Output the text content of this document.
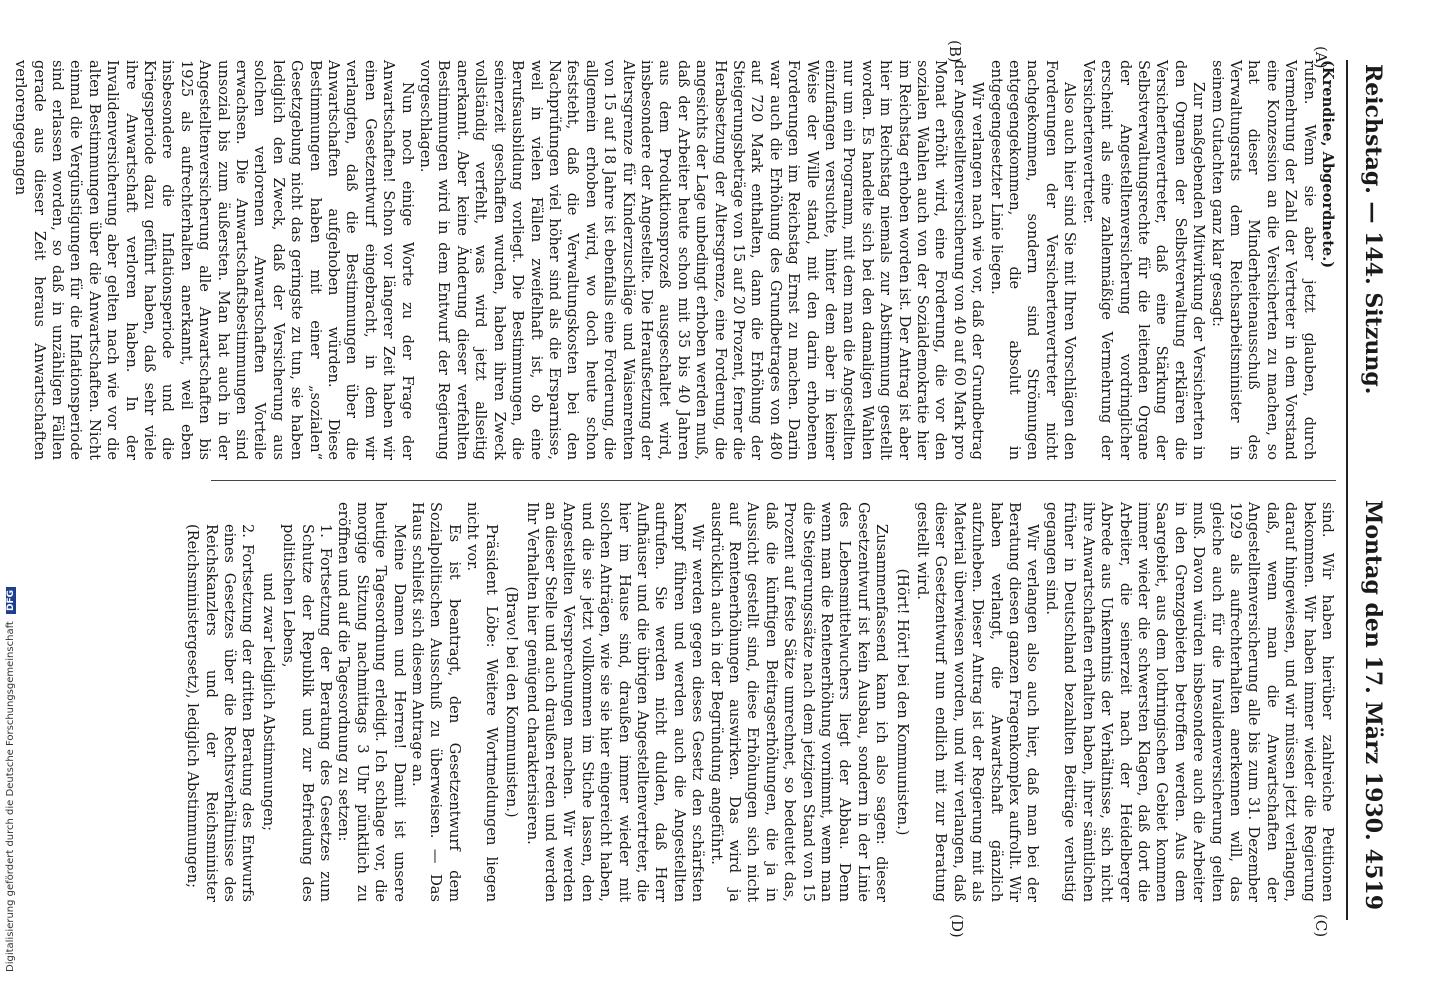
Reichstag. — 144. Sitzung.
Montag den 17. März 1930.
4519
(A)
(B)
(C)
(D)

(Krendiee, Abgeordnete.)

rufen. Wenn sie aber jetzt glauben, durch Vermehrung der Zahl der Vertreter in dem Vorstand eine Konzession an die Versicherten zu machen, so hat dieser Minderheitenausschuß des Verwaltungsrats dem Reichsarbeitsminister in seinem Gutachten ganz klar gesagt:

Zur maßgebenden Mitwirkung der Versicherten in den Organen der Selbstverwaltung erklären die Versichertenvertreter, daß eine Stärkung der Selbstverwaltungsrechte für die leitenden Organe der Angestelltenversicherung vordringlicher erscheint als eine zahlenmäßige Vermehrung der Versichertenvertreter.

Also auch hier sind Sie mit Ihren Vorschlägen den Forderungen der Versichertenvertreter nicht nachgekommen, sondern sind Strömungen entgegengekommen, die absolut in entgegengesetzter Linie liegen.

Wir verlangen nach wie vor, daß der Grundbetrag der Angestelltenversicherung von 40 auf 60 Mark pro Monat erhöht wird, eine Forderung, die vor den sozialen Wahlen auch von der Sozialdemokratie hier im Reichstag erhoben worden ist. Der Antrag ist aber hier im Reichstag niemals zur Abstimmung gestellt worden. Es handelte sich bei den damaligen Wahlen nur um ein Programm, mit dem man die Angestellten einzufangen versuchte, hinter dem aber in keiner Weise der Wille stand, mit den darin erhobenen Forderungen im Reichstag Ernst zu machen. Darin war auch die Erhöhung des Grundbetrages von 480 auf 720 Mark enthalten, dann die Erhöhung der Steigerungsbeträge von 15 auf 20 Prozent, ferner die Herabsetzung der Altersgrenze, eine Forderung, die angesichts der Lage unbedingt erhoben werden muß, daß der Arbeiter heute schon mit 35 bis 40 Jahren aus dem Produktionsprozeß ausgeschaltet wird, insbesondere der Angestellte. Die Heraufsetzung der Altersgrenze für Kinderzuschläge und Waisenrenten von 15 auf 18 Jahre ist ebenfalls eine Forderung, die allgemein erhoben wird, wo doch heute schon feststeht, daß die Verwaltungskosten bei den Nachprüfungen viel höher sind als die Ersparnisse, weil in vielen Fällen zweifelhaft ist, ob eine Berufsausbildung vorliegt. Die Bestimmungen, die seinerzeit geschaffen wurden, haben ihren Zweck vollständig verfehlt, was wird jetzt allseitig anerkannt. Aber keine Änderung dieser verfehlten Bestimmungen wird in dem Entwurf der Regierung vorgeschlagen.

Nun noch einige Worte zu der Frage der Anwartschaften! Schon vor längerer Zeit haben wir einen Gesetzentwurf eingebracht, in dem wir verlangten, daß die Bestimmungen über die Anwartschaften aufgehoben würden. Diese Bestimmungen haben mit einer „sozialen“ Gesetzgebung nicht das geringste zu tun, sie haben lediglich den Zweck, daß der Versicherung aus solchen verlorenen Anwartschaften Vorteile erwachsen. Die Anwartschaftsbestimmungen sind unsozial bis zum äußersten. Man hat auch in der Angestelltenversicherung alle Anwartschaften bis 1925 als aufrechterhalten anerkannt, weil eben insbesondere die Inflationsperiode und die Kriegsperiode dazu geführt haben, daß sehr viele ihre Anwartschaft verloren haben. In der Invalidenversicherung aber gelten nach wie vor die alten Bestimmungen über die Anwartschaften. Nicht einmal die Vergünstigungen für die Inflationsperiode sind erlassen worden, so daß in unzähligen Fällen gerade aus dieser Zeit heraus Anwartschaften verlorengegangen

sind. Wir haben hierüber zahlreiche Petitionen bekommen. Wir haben immer wieder die Regierung darauf hingewiesen, und wir müssen jetzt verlangen, daß, wenn man die Anwartschaften der Angestelltenversicherung alle bis zum 31. Dezember 1929 als aufrechterhalten anerkennen will, das gleiche auch für die Invalidenversicherung gelten muß. Davon würden insbesondere auch die Arbeiter in den Grenzgebieten betroffen werden. Aus dem Saargebiet, aus dem lothringischen Gebiet kommen immer wieder die schwersten Klagen, daß dort die Arbeiter, die seinerzeit nach der Heidelberger Abrede aus Unkenntnis der Verhältnisse, sich nicht ihre Anwartschaften erhalten haben, ihrer sämtlichen früher in Deutschland bezahlten Beiträge verlustig gegangen sind.

Wir verlangen also auch hier, daß man bei der Beratung diesen ganzen Fragenkomplex aufrollt. Wir haben verlangt, die Anwartschaft gänzlich aufzuheben. Dieser Antrag ist der Regierung mit als Material überwiesen worden, und wir verlangen, daß dieser Gesetzentwurf nun endlich mit zur Beratung gestellt wird.

(Hört! Hört! bei den Kommunisten.)

Zusammenfassend kann ich also sagen: dieser Gesetzentwurf ist kein Ausbau, sondern in der Linie des Lebensmittelwuchers liegt der Abbau. Denn wenn man die Rentenerhöhung vornimmt, wenn man die Steigerungssätze nach dem jetzigen Stand von 15 Prozent auf feste Sätze umrechnet, so bedeutet das, daß die künftigen Beitragserhöhungen, die ja in Aussicht gestellt sind, diese Erhöhungen sich nicht auf Rentenerhöhungen auswirken. Das wird ja ausdrücklich auch in der Begründung angeführt.

Wir werden gegen dieses Gesetz den schärfsten Kampf führen und werden auch die Angestellten aufrufen. Sie werden nicht dulden, daß Herr Aufhäuser und die übrigen Angestelltenvertreter, die hier im Hause sind, draußen immer wieder mit solchen Anträgen, wie sie sie hier eingereicht haben, und die sie jetzt vollkommen im Stiche lassen, den Angestellten Versprechungen machen. Wir werden an dieser Stelle und auch draußen reden und werden Ihr Verhalten hier genügend charakterisieren.

(Bravo! bei den Kommunisten.)

Präsident Löbe: Weitere Wortmeldungen liegen nicht vor.

Es ist beantragt, den Gesetzentwurf dem Sozialpolitischen Ausschuß zu überweisen. — Das Haus schließt sich diesem Antrage an.

Meine Damen und Herren! Damit ist unsere heutige Tagesordnung erledigt. Ich schlage vor, die morgige Sitzung nachmittags 3 Uhr pünktlich zu eröffnen und auf die Tagesordnung zu setzen:

1. Fortsetzung der Beratung des Gesetzes zum Schutze der Republik und zur Befriedung des politischen Lebens,

und zwar lediglich Abstimmungen;

2. Fortsetzung der dritten Beratung des Entwurfs eines Gesetzes über die Rechtsverhältnisse des Reichskanzlers und der Reichsminister (Reichsministergesetz), lediglich Abstimmungen;

Digitalisierung gefördert durch die Deutsche Forschungsgemeinschaft DFG
